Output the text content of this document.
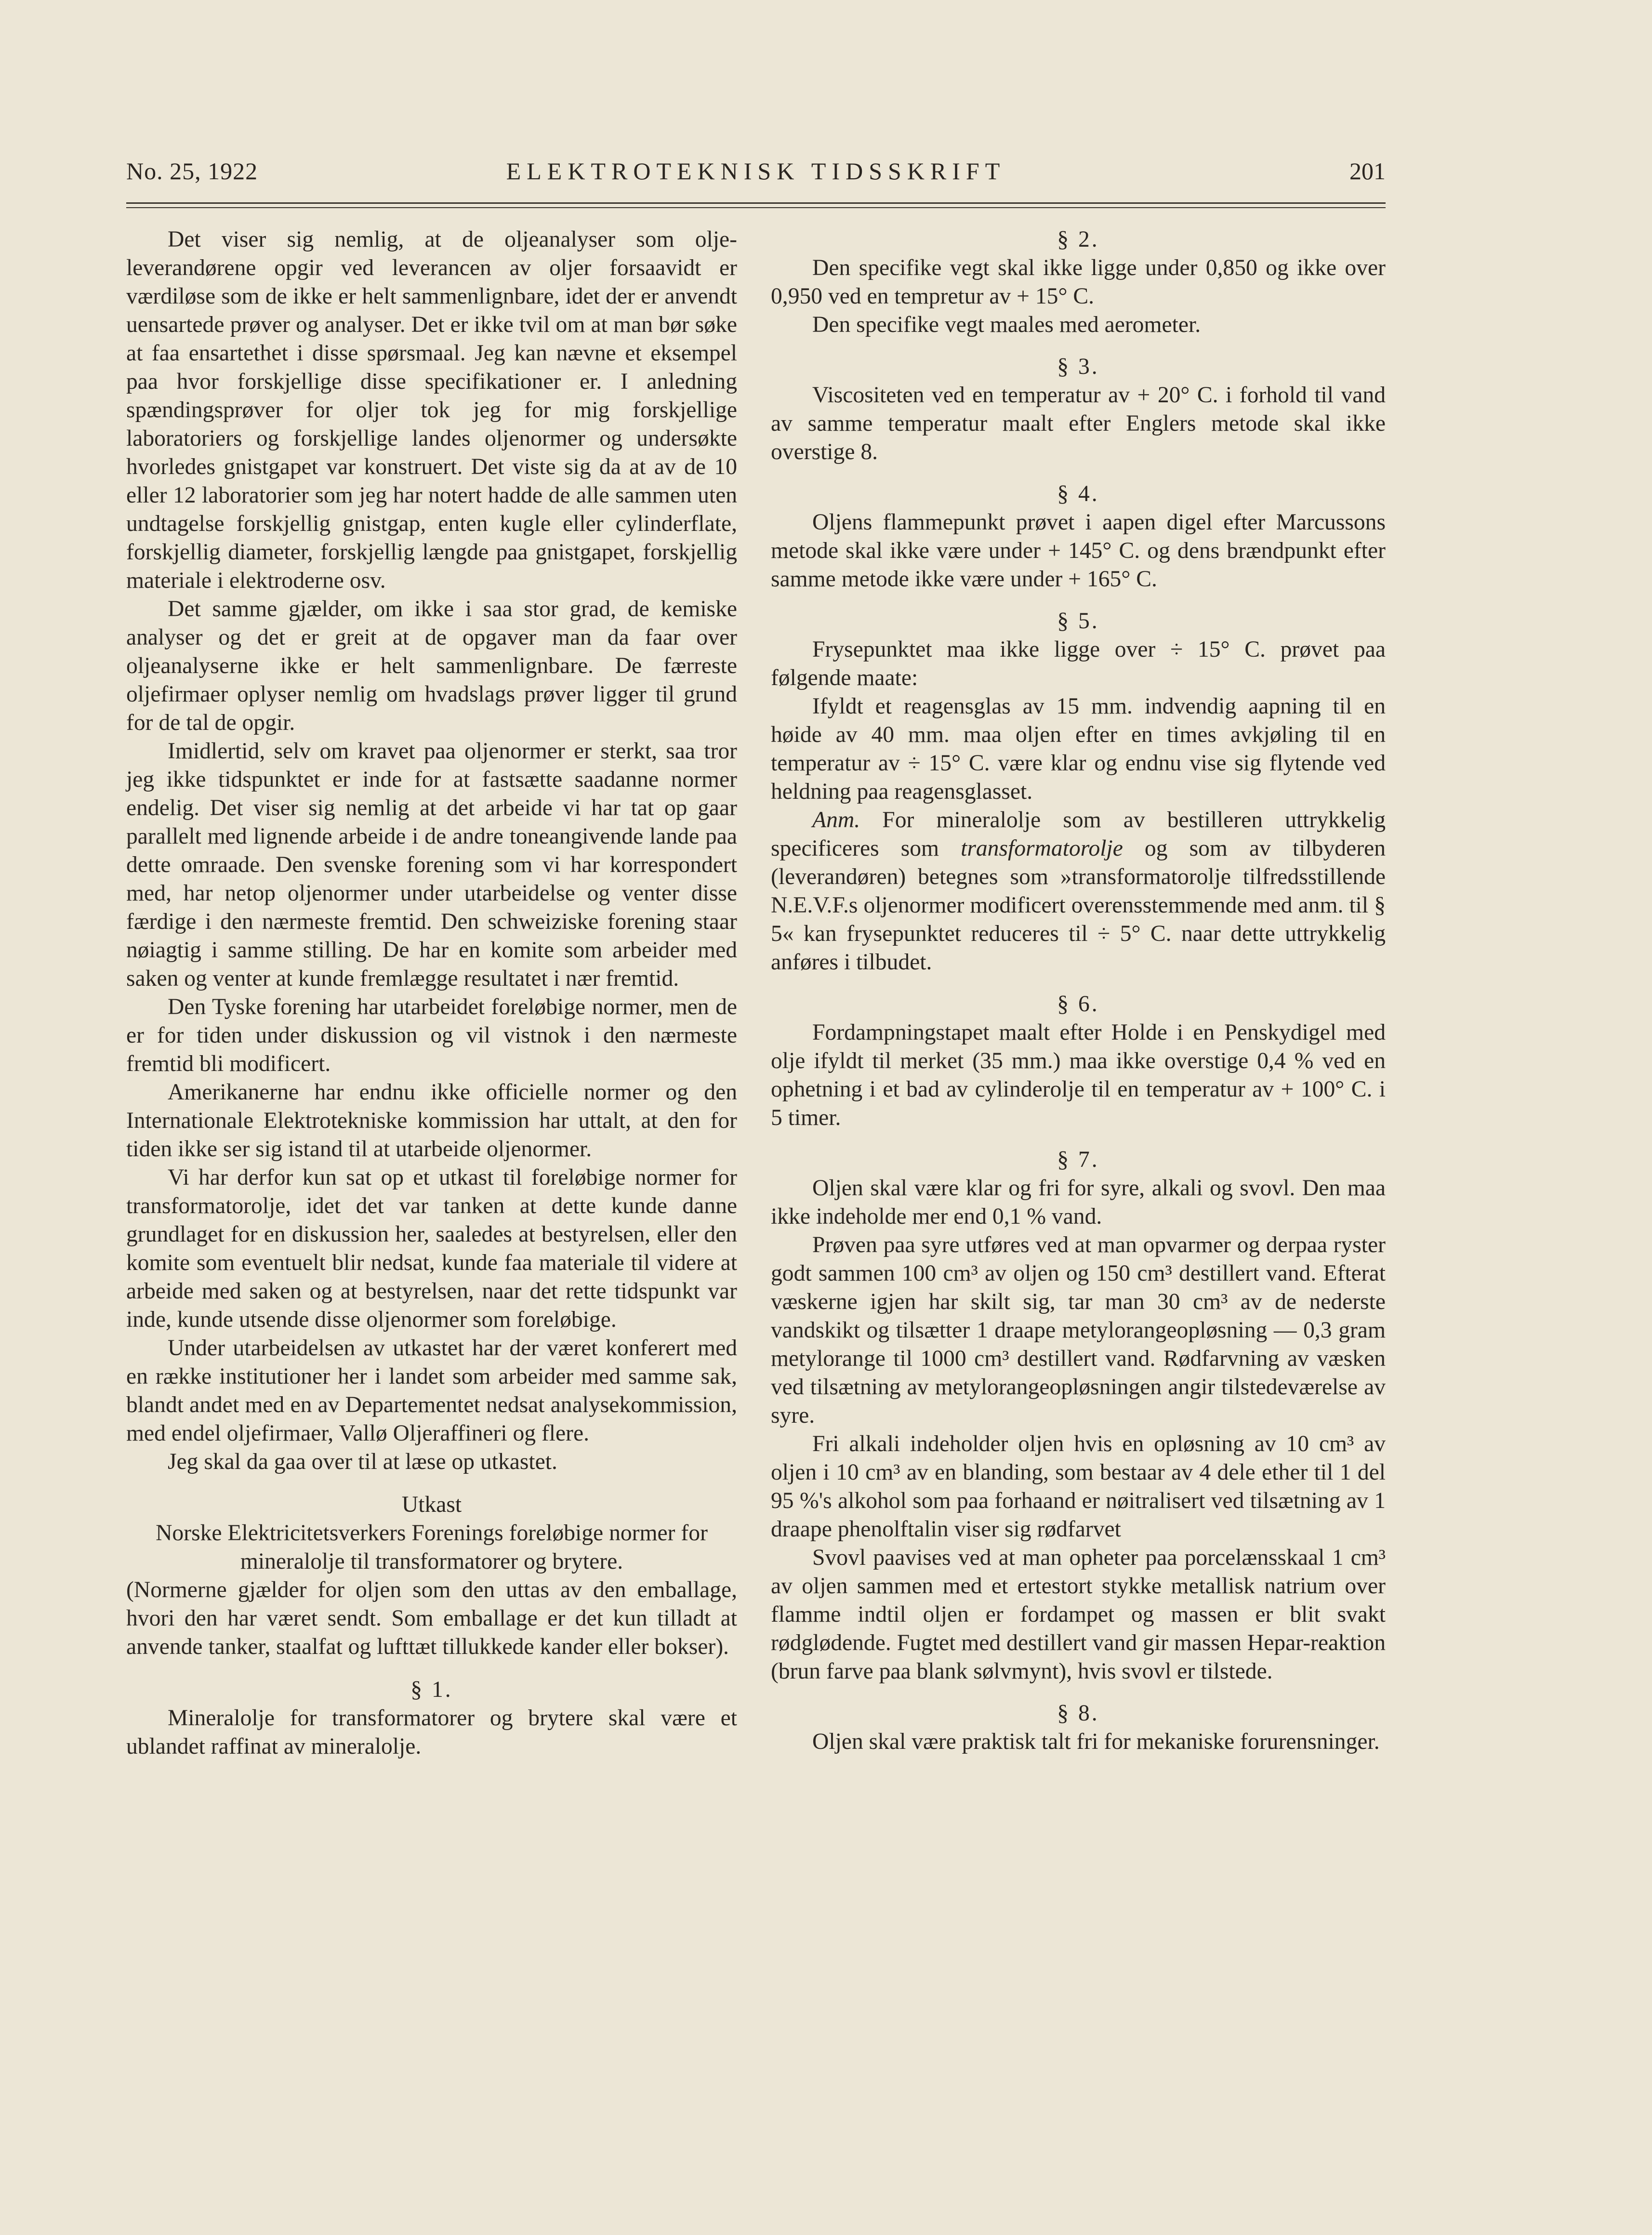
No. 25, 1922	ELEKTROTEKNISK TIDSSKRIFT	201

Det viser sig nemlig, at de oljeanalyser som olje-leverandørene opgir ved leverancen av oljer forsaavidt er værdiløse som de ikke er helt sammenlignbare, idet der er anvendt uensartede prøver og analyser. Det er ikke tvil om at man bør søke at faa ensartethet i disse spørsmaal. Jeg kan nævne et eksempel paa hvor forskjellige disse specifikationer er. I anledning spændingsprøver for oljer tok jeg for mig forskjellige laboratoriers og forskjellige landes oljenormer og undersøkte hvorledes gnistgapet var konstruert. Det viste sig da at av de 10 eller 12 laboratorier som jeg har notert hadde de alle sammen uten undtagelse forskjellig gnistgap, enten kugle eller cylinderflate, forskjellig diameter, forskjellig længde paa gnistgapet, forskjellig materiale i elektroderne osv.

Det samme gjælder, om ikke i saa stor grad, de kemiske analyser og det er greit at de opgaver man da faar over oljeanalyserne ikke er helt sammenlignbare. De færreste oljefirmaer oplyser nemlig om hvadslags prøver ligger til grund for de tal de opgir.

Imidlertid, selv om kravet paa oljenormer er sterkt, saa tror jeg ikke tidspunktet er inde for at fastsætte saadanne normer endelig. Det viser sig nemlig at det arbeide vi har tat op gaar parallelt med lignende arbeide i de andre toneangivende lande paa dette omraade. Den svenske forening som vi har korrespondert med, har netop oljenormer under utarbeidelse og venter disse færdige i den nærmeste fremtid. Den schweiziske forening staar nøiagtig i samme stilling. De har en komite som arbeider med saken og venter at kunde fremlægge resultatet i nær fremtid.

Den Tyske forening har utarbeidet foreløbige normer, men de er for tiden under diskussion og vil vistnok i den nærmeste fremtid bli modificert.

Amerikanerne har endnu ikke officielle normer og den Internationale Elektrotekniske kommission har uttalt, at den for tiden ikke ser sig istand til at utarbeide oljenormer.

Vi har derfor kun sat op et utkast til foreløbige normer for transformatorolje, idet det var tanken at dette kunde danne grundlaget for en diskussion her, saaledes at bestyrelsen, eller den komite som eventuelt blir nedsat, kunde faa materiale til videre at arbeide med saken og at bestyrelsen, naar det rette tidspunkt var inde, kunde utsende disse oljenormer som foreløbige.

Under utarbeidelsen av utkastet har der været konferert med en række institutioner her i landet som arbeider med samme sak, blandt andet med en av Departementet nedsat analysekommission, med endel oljefirmaer, Vallø Oljeraffineri og flere.

Jeg skal da gaa over til at læse op utkastet.

Utkast

Norske Elektricitetsverkers Forenings foreløbige normer for mineralolje til transformatorer og brytere.

(Normerne gjælder for oljen som den uttas av den emballage, hvori den har været sendt. Som emballage er det kun tilladt at anvende tanker, staalfat og lufttæt tillukkede kander eller bokser).

§ 1.

Mineralolje for transformatorer og brytere skal være et ublandet raffinat av mineralolje.

§ 2.

Den specifike vegt skal ikke ligge under 0,850 og ikke over 0,950 ved en tempretur av + 15° C.

Den specifike vegt maales med aerometer.

§ 3.

Viscositeten ved en temperatur av + 20° C. i forhold til vand av samme temperatur maalt efter Englers metode skal ikke overstige 8.

§ 4.

Oljens flammepunkt prøvet i aapen digel efter Marcussons metode skal ikke være under + 145° C. og dens brændpunkt efter samme metode ikke være under + 165° C.

§ 5.

Frysepunktet maa ikke ligge over ÷ 15° C. prøvet paa følgende maate:

Ifyldt et reagensglas av 15 mm. indvendig aapning til en høide av 40 mm. maa oljen efter en times avkjøling til en temperatur av ÷ 15° C. være klar og endnu vise sig flytende ved heldning paa reagensglasset.

Anm. For mineralolje som av bestilleren uttrykkelig specificeres som transformatorolje og som av tilbyderen (leverandøren) betegnes som »transformatorolje tilfredsstillende N.E.V.F.s oljenormer modificert overensstemmende med anm. til § 5« kan frysepunktet reduceres til ÷ 5° C. naar dette uttrykkelig anføres i tilbudet.

§ 6.

Fordampningstapet maalt efter Holde i en Penskydigel med olje ifyldt til merket (35 mm.) maa ikke overstige 0,4 % ved en ophetning i et bad av cylinderolje til en temperatur av + 100° C. i 5 timer.

§ 7.

Oljen skal være klar og fri for syre, alkali og svovl. Den maa ikke indeholde mer end 0,1 % vand.

Prøven paa syre utføres ved at man opvarmer og derpaa ryster godt sammen 100 cm³ av oljen og 150 cm³ destillert vand. Efterat væskerne igjen har skilt sig, tar man 30 cm³ av de nederste vandskikt og tilsætter 1 draape metylorangeopløsning — 0,3 gram metylorange til 1000 cm³ destillert vand. Rødfarvning av væsken ved tilsætning av metylorangeopløsningen angir tilstedeværelse av syre.

Fri alkali indeholder oljen hvis en opløsning av 10 cm³ av oljen i 10 cm³ av en blanding, som bestaar av 4 dele ether til 1 del 95 %'s alkohol som paa forhaand er nøitralisert ved tilsætning av 1 draape phenolftalin viser sig rødfarvet

Svovl paavises ved at man opheter paa porcelænsskaal 1 cm³ av oljen sammen med et ertestort stykke metallisk natrium over flamme indtil oljen er fordampet og massen er blit svakt rødglødende. Fugtet med destillert vand gir massen Hepar-reaktion (brun farve paa blank sølvmynt), hvis svovl er tilstede.

§ 8.

Oljen skal være praktisk talt fri for mekaniske forurensninger.
